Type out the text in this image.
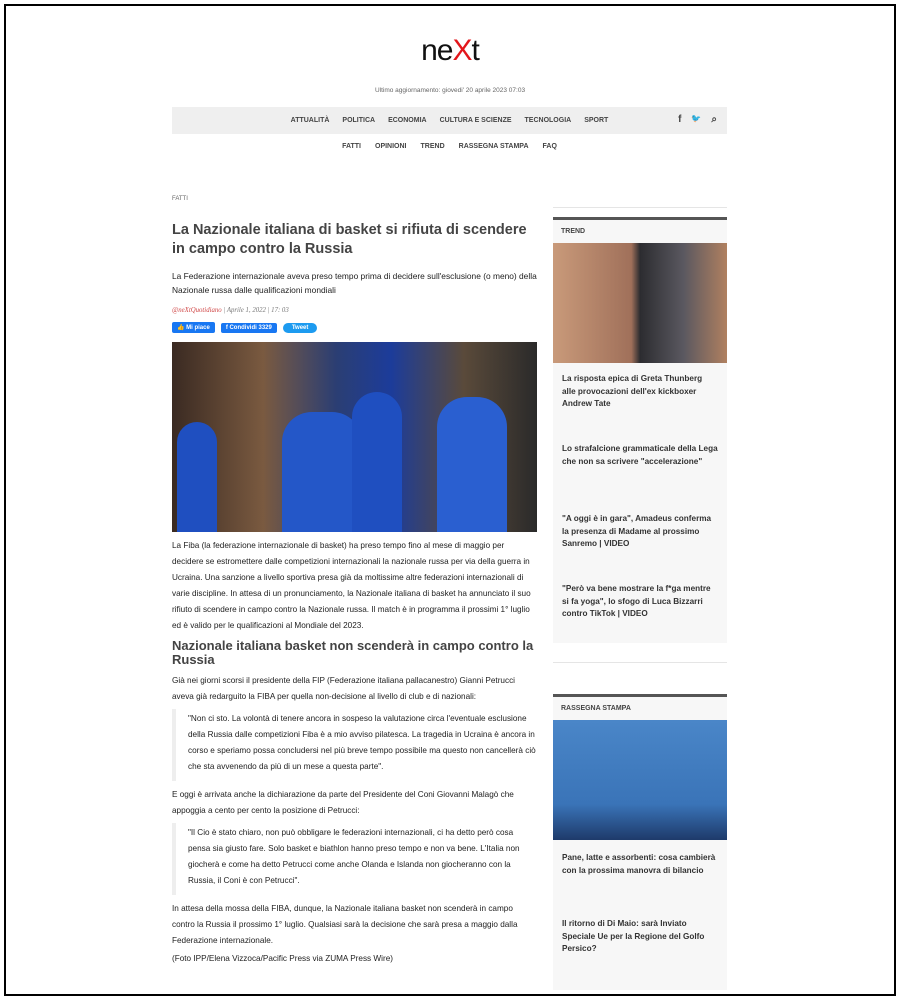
neXt
Ultimo aggiornamento: giovedi' 20 aprile 2023 07:03
ATTUALITÀ POLITICA ECONOMIA CULTURA E SCIENZE TECNOLOGIA SPORT	f 🐦 ⌕
FATTI OPINIONI TREND RASSEGNA STAMPA FAQ
FATTI
La Nazionale italiana di basket si rifiuta di scendere in campo contro la Russia
La Federazione internazionale aveva preso tempo prima di decidere sull'esclusione (o meno) della Nazionale russa dalle qualificazioni mondiali
@neXtQuotidiano | Aprile 1, 2022 | 17: 03
👍 Mi piace	f Condividi 3329	Tweet

La Fiba (la federazione internazionale di basket) ha preso tempo fino al mese di maggio per decidere se estromettere dalle competizioni internazionali la nazionale russa per via della guerra in Ucraina. Una sanzione a livello sportiva presa già da moltissime altre federazioni internazionali di varie discipline. In attesa di un pronunciamento, la Nazionale italiana di basket ha annunciato il suo rifiuto di scendere in campo contro la Nazionale russa. Il match è in programma il prossimi 1° luglio ed è valido per le qualificazioni al Mondiale del 2023.

Nazionale italiana basket non scenderà in campo contro la Russia

Già nei giorni scorsi il presidente della FIP (Federazione italiana pallacanestro) Gianni Petrucci aveva già redarguito la FIBA per quella non-decisione al livello di club e di nazionali:

"Non ci sto. La volontà di tenere ancora in sospeso la valutazione circa l'eventuale esclusione della Russia dalle competizioni Fiba è a mio avviso pilatesca. La tragedia in Ucraina è ancora in corso e speriamo possa concludersi nel più breve tempo possibile ma questo non cancellerà ciò che sta avvenendo da più di un mese a questa parte".

E oggi è arrivata anche la dichiarazione da parte del Presidente del Coni Giovanni Malagò che appoggia a cento per cento la posizione di Petrucci:

"Il Cio è stato chiaro, non può obbligare le federazioni internazionali, ci ha detto però cosa pensa sia giusto fare. Solo basket e biathlon hanno preso tempo e non va bene. L'Italia non giocherà e come ha detto Petrucci come anche Olanda e Islanda non giocheranno con la Russia, il Coni è con Petrucci".

In attesa della mossa della FIBA, dunque, la Nazionale italiana basket non scenderà in campo contro la Russia il prossimo 1° luglio. Qualsiasi sarà la decisione che sarà presa a maggio dalla Federazione internazionale.

(Foto IPP/Elena Vizzoca/Pacific Press via ZUMA Press Wire)

TREND
La risposta epica di Greta Thunberg alle provocazioni dell'ex kickboxer Andrew Tate
Lo strafalcione grammaticale della Lega che non sa scrivere "accelerazione"
"A oggi è in gara", Amadeus conferma la presenza di Madame al prossimo Sanremo | VIDEO
"Però va bene mostrare la f*ga mentre si fa yoga", lo sfogo di Luca Bizzarri contro TikTok | VIDEO
RASSEGNA STAMPA
Pane, latte e assorbenti: cosa cambierà con la prossima manovra di bilancio
Il ritorno di Di Maio: sarà Inviato Speciale Ue per la Regione del Golfo Persico?
